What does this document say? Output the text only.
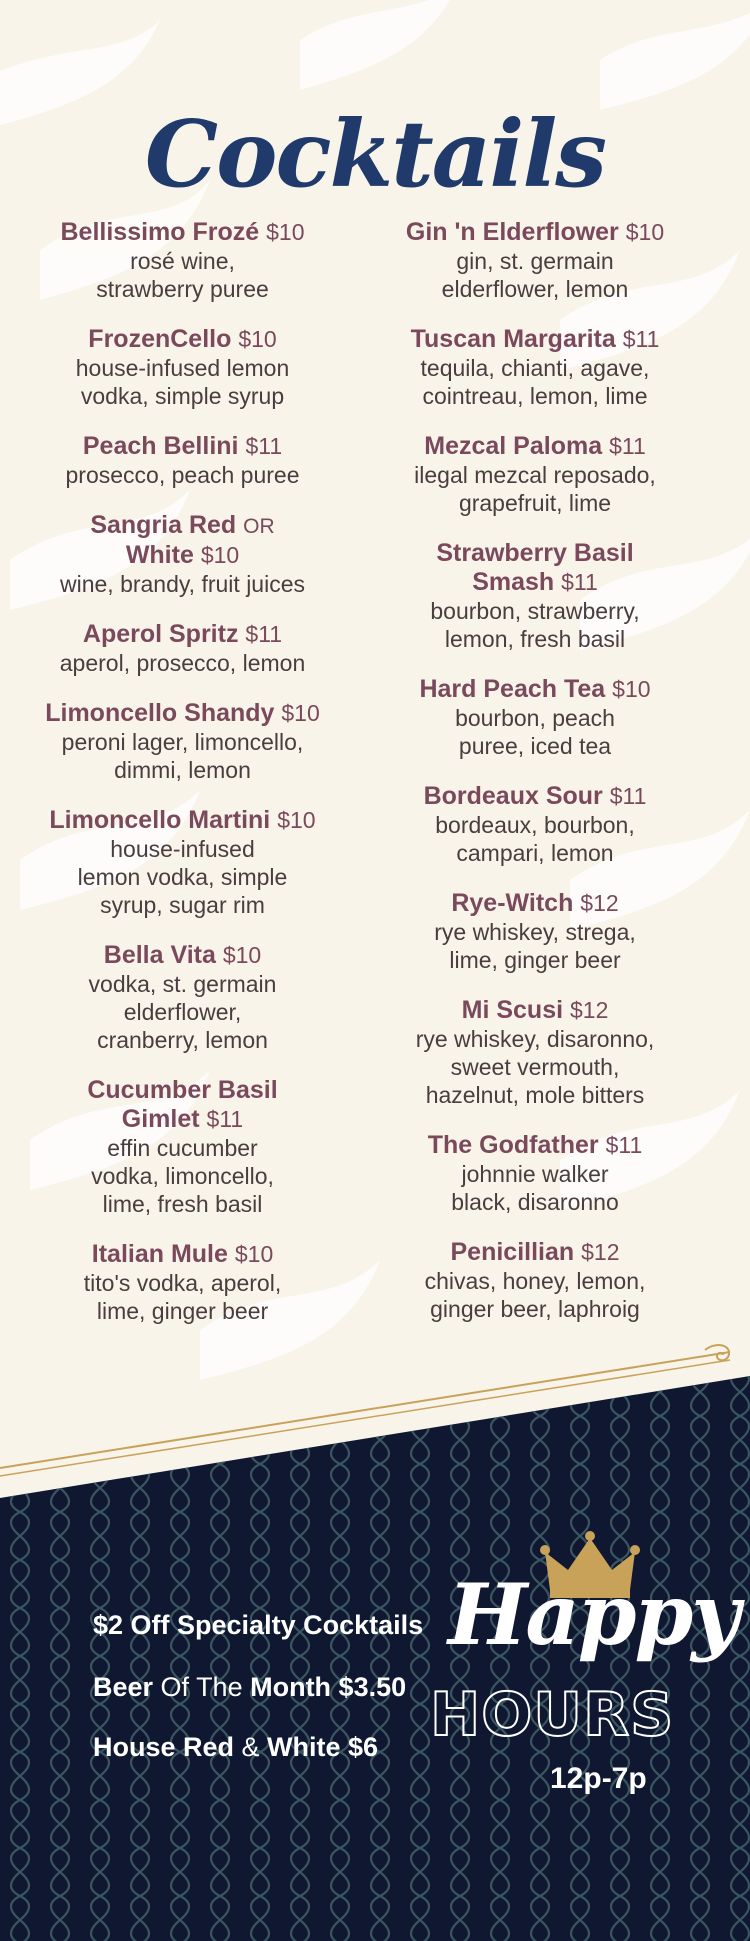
Cocktails
Bellissimo Frozé $10
rosé wine,
strawberry puree
FrozenCello $10
house-infused lemon
vodka, simple syrup
Peach Bellini $11
prosecco, peach puree
Sangria Red OR
White $10
wine, brandy, fruit juices
Aperol Spritz $11
aperol, prosecco, lemon
Limoncello Shandy $10
peroni lager, limoncello,
dimmi, lemon
Limoncello Martini $10
house-infused
lemon vodka, simple
syrup, sugar rim
Bella Vita $10
vodka, st. germain
elderflower,
cranberry, lemon
Cucumber Basil
Gimlet $11
effin cucumber
vodka, limoncello,
lime, fresh basil
Italian Mule $10
tito's vodka, aperol,
lime, ginger beer
Gin 'n Elderflower $10
gin, st. germain
elderflower, lemon
Tuscan Margarita $11
tequila, chianti, agave,
cointreau, lemon, lime
Mezcal Paloma $11
ilegal mezcal reposado,
grapefruit, lime
Strawberry Basil
Smash $11
bourbon, strawberry,
lemon, fresh basil
Hard Peach Tea $10
bourbon, peach
puree, iced tea
Bordeaux Sour $11
bordeaux, bourbon,
campari, lemon
Rye-Witch $12
rye whiskey, strega,
lime, ginger beer
Mi Scusi $12
rye whiskey, disaronno,
sweet vermouth,
hazelnut, mole bitters
The Godfather $11
johnnie walker
black, disaronno
Penicillian $12
chivas, honey, lemon,
ginger beer, laphroig
$2 Off Specialty Cocktails
Beer Of The Month $3.50
House Red & White $6
Happy
HOURS
12p-7p
